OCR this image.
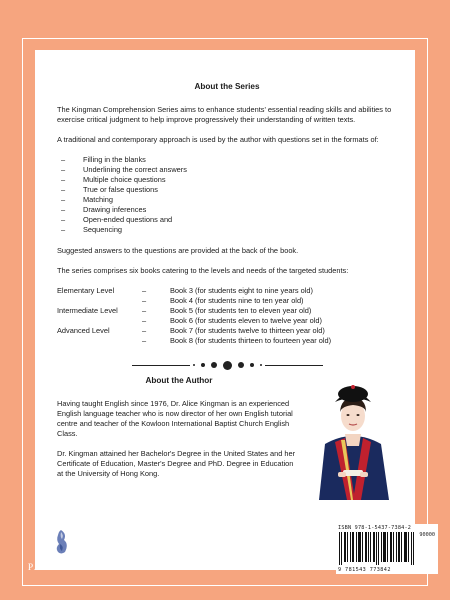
About the Series

The Kingman Comprehension Series aims to enhance students' essential reading skills and abilities to exercise critical judgment to help improve progressively their understanding of written texts.

A traditional and contemporary approach is used by the author with questions set in the formats of:

–	Filling in the blanks
–	Underlining the correct answers
–	Multiple choice questions
–	True or false questions
–	Matching
–	Drawing inferences
–	Open-ended questions and
–	Sequencing

Suggested answers to the questions are provided at the back of the book.

The series comprises six books catering to the levels and needs of the targeted students:

Elementary Level	–	Book 3 (for students eight to nine years old)
–	Book 4 (for students nine to ten year old)
Intermediate Level	–	Book 5 (for students ten to eleven year old)
–	Book 6 (for students eleven to twelve year old)
Advanced Level	–	Book 7 (for students twelve to thirteen year old)
–	Book 8 (for students thirteen to fourteen year old)
About the Author

Having taught English since 1976, Dr. Alice Kingman is an experienced English language teacher who is now director of her own English tutorial centre and teacher of the Kowloon International Baptist Church English Class.

Dr. Kingman attained her Bachelor's Degree in the United States and her Certificate of Education, Master's Degree and PhD. Degree in Education at the University of Hong Kong.

ISBN 978-1-5437-7384-2
90000
9 781543 773842
PARTRIDGE
